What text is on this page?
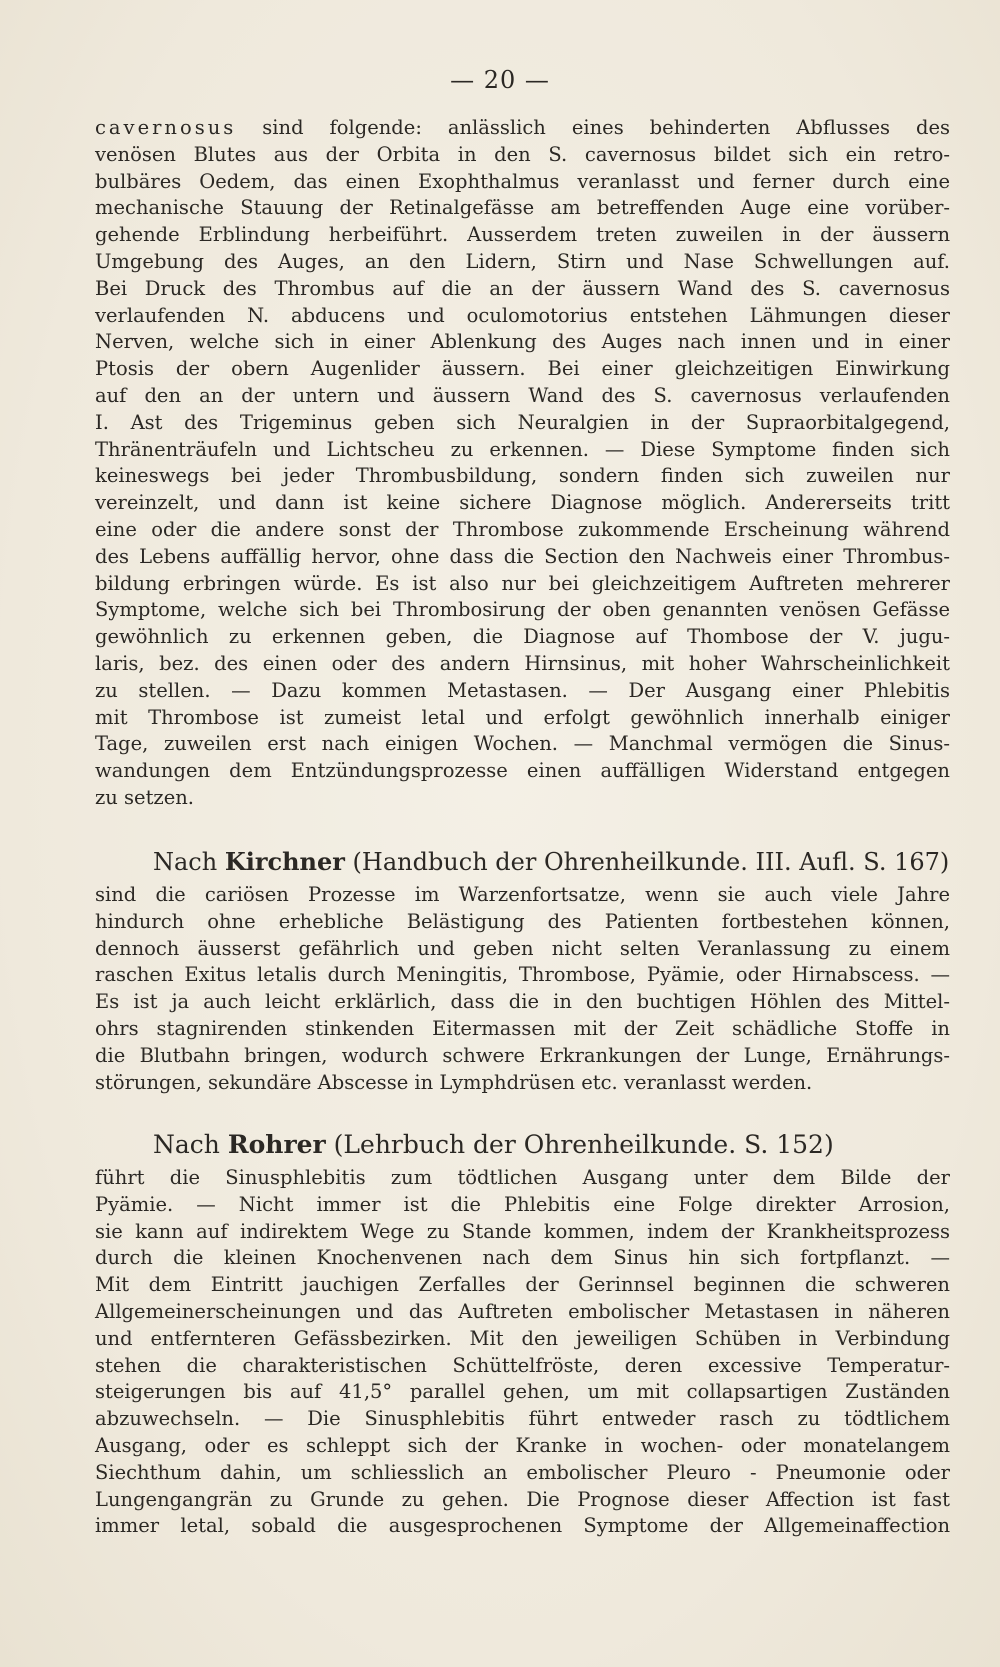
— 20 —
cavernosus sind folgende: anlässlich eines behinderten Abflusses des
venösen Blutes aus der Orbita in den S. cavernosus bildet sich ein retro-
bulbäres Oedem, das einen Exophthalmus veranlasst und ferner durch eine
mechanische Stauung der Retinalgefässe am betreffenden Auge eine vorüber-
gehende Erblindung herbeiführt. Ausserdem treten zuweilen in der äussern
Umgebung des Auges, an den Lidern, Stirn und Nase Schwellungen auf.
Bei Druck des Thrombus auf die an der äussern Wand des S. cavernosus
verlaufenden N. abducens und oculomotorius entstehen Lähmungen dieser
Nerven, welche sich in einer Ablenkung des Auges nach innen und in einer
Ptosis der obern Augenlider äussern. Bei einer gleichzeitigen Einwirkung
auf den an der untern und äussern Wand des S. cavernosus verlaufenden
I. Ast des Trigeminus geben sich Neuralgien in der Supraorbitalgegend,
Thränenträufeln und Lichtscheu zu erkennen. — Diese Symptome finden sich
keineswegs bei jeder Thrombusbildung, sondern finden sich zuweilen nur
vereinzelt, und dann ist keine sichere Diagnose möglich. Andererseits tritt
eine oder die andere sonst der Thrombose zukommende Erscheinung während
des Lebens auffällig hervor, ohne dass die Section den Nachweis einer Thrombus-
bildung erbringen würde. Es ist also nur bei gleichzeitigem Auftreten mehrerer
Symptome, welche sich bei Thrombosirung der oben genannten venösen Gefässe
gewöhnlich zu erkennen geben, die Diagnose auf Thombose der V. jugu-
laris, bez. des einen oder des andern Hirnsinus, mit hoher Wahrscheinlichkeit
zu stellen. — Dazu kommen Metastasen. — Der Ausgang einer Phlebitis
mit Thrombose ist zumeist letal und erfolgt gewöhnlich innerhalb einiger
Tage, zuweilen erst nach einigen Wochen. — Manchmal vermögen die Sinus-
wandungen dem Entzündungsprozesse einen auffälligen Widerstand entgegen
zu setzen.
Nach Kirchner (Handbuch der Ohrenheilkunde. III. Aufl. S. 167)
sind die cariösen Prozesse im Warzenfortsatze, wenn sie auch viele Jahre
hindurch ohne erhebliche Belästigung des Patienten fortbestehen können,
dennoch äusserst gefährlich und geben nicht selten Veranlassung zu einem
raschen Exitus letalis durch Meningitis, Thrombose, Pyämie, oder Hirnabscess. —
Es ist ja auch leicht erklärlich, dass die in den buchtigen Höhlen des Mittel-
ohrs stagnirenden stinkenden Eitermassen mit der Zeit schädliche Stoffe in
die Blutbahn bringen, wodurch schwere Erkrankungen der Lunge, Ernährungs-
störungen, sekundäre Abscesse in Lymphdrüsen etc. veranlasst werden.
Nach Rohrer (Lehrbuch der Ohrenheilkunde. S. 152)
führt die Sinusphlebitis zum tödtlichen Ausgang unter dem Bilde der
Pyämie. — Nicht immer ist die Phlebitis eine Folge direkter Arrosion,
sie kann auf indirektem Wege zu Stande kommen, indem der Krankheitsprozess
durch die kleinen Knochenvenen nach dem Sinus hin sich fortpflanzt. —
Mit dem Eintritt jauchigen Zerfalles der Gerinnsel beginnen die schweren
Allgemeinerscheinungen und das Auftreten embolischer Metastasen in näheren
und entfernteren Gefässbezirken. Mit den jeweiligen Schüben in Verbindung
stehen die charakteristischen Schüttelfröste, deren excessive Temperatur-
steigerungen bis auf 41,5° parallel gehen, um mit collapsartigen Zuständen
abzuwechseln. — Die Sinusphlebitis führt entweder rasch zu tödtlichem
Ausgang, oder es schleppt sich der Kranke in wochen- oder monatelangem
Siechthum dahin, um schliesslich an embolischer Pleuro - Pneumonie oder
Lungengangrän zu Grunde zu gehen. Die Prognose dieser Affection ist fast
immer letal, sobald die ausgesprochenen Symptome der Allgemeinaffection
